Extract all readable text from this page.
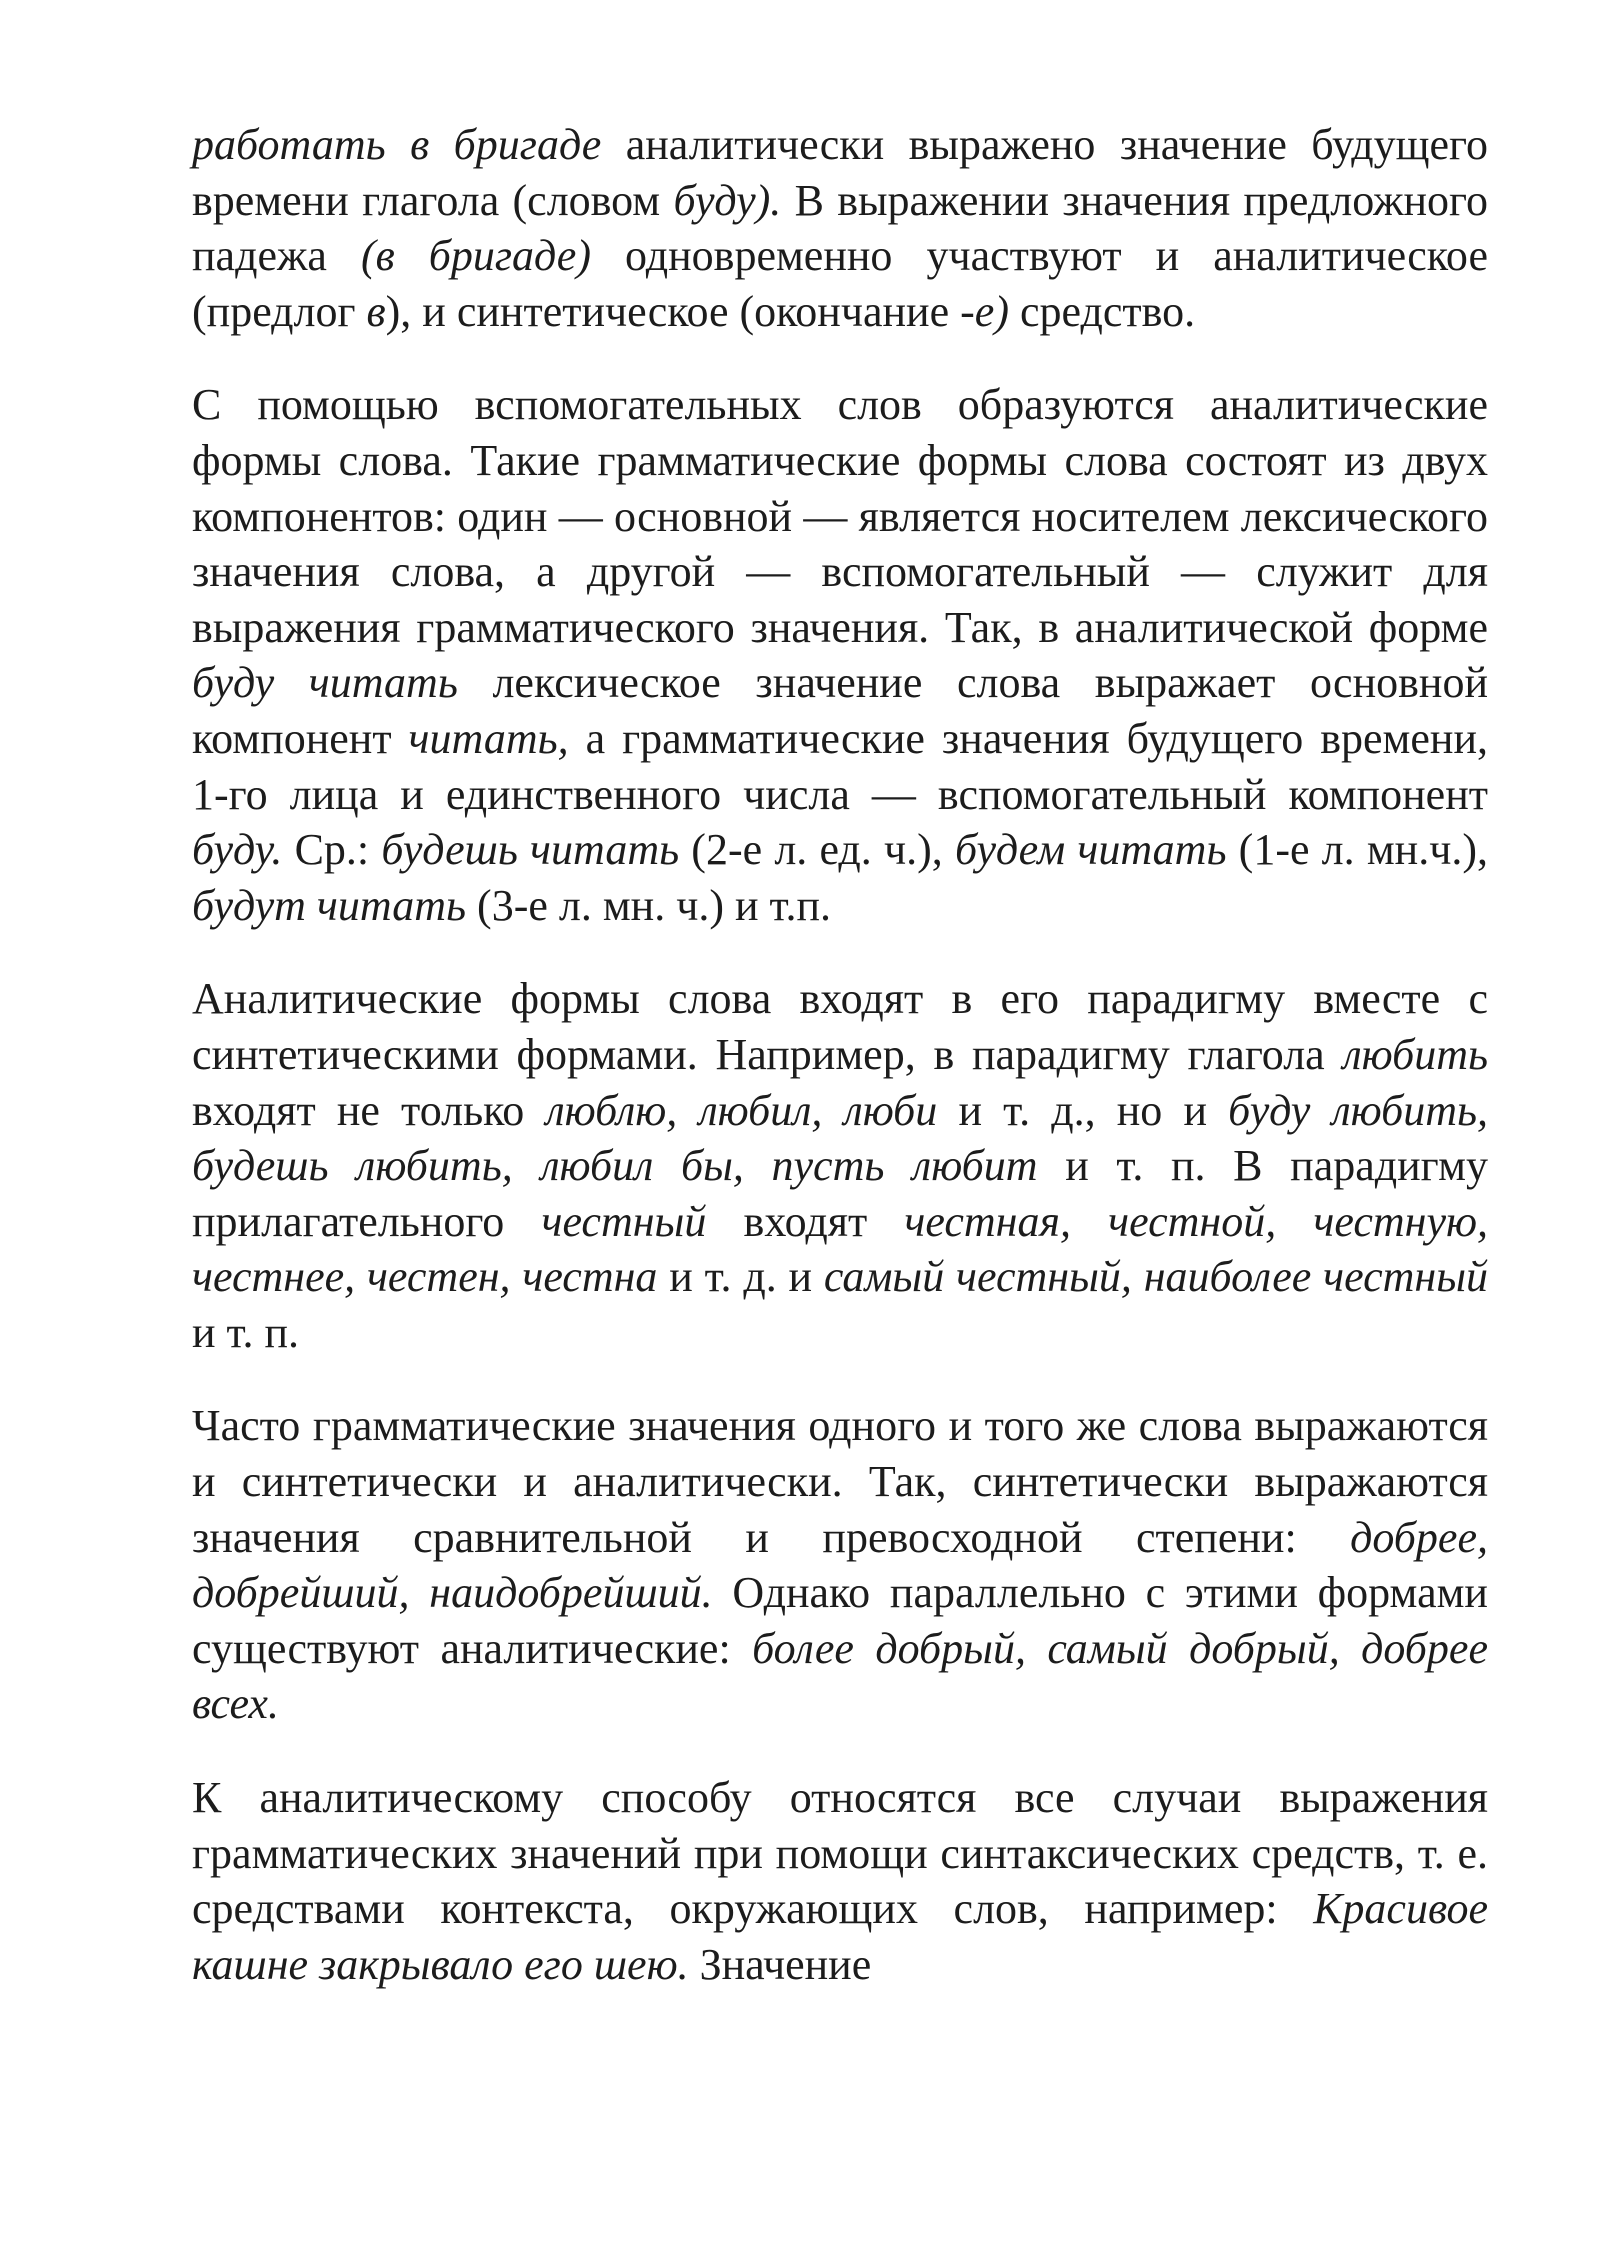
работать в бригаде аналитически выражено значение будущего времени глагола (словом буду). В выражении значения предложного падежа (в бригаде) одновременно участвуют и аналитическое (предлог в), и синтетическое (окончание -е) средство.

С помощью вспомогательных слов образуются аналитические формы слова. Такие грамматические формы слова состоят из двух компонентов: один — основной — является носителем лексического значения слова, а другой — вспомогательный — служит для выражения грамматического значения. Так, в аналитической форме буду читать лексическое значение слова выражает основной компонент читать, а грамматические значения будущего времени, 1-го лица и единственного числа — вспомогательный компонент буду. Ср.: будешь читать (2-е л. ед. ч.), будем читать (1-е л. мн.ч.), будут читать (3-е л. мн. ч.) и т.п.

Аналитические формы слова входят в его парадигму вместе с синтетическими формами. Например, в парадигму глагола любить входят не только люблю, любил, люби и т. д., но и буду любить, будешь любить, любил бы, пусть любит и т. п. В парадигму прилагательного честный входят честная, честной, честную, честнее, честен, честна и т. д. и самый честный, наиболее честный и т. п.

Часто грамматические значения одного и того же слова выражаются и синтетически и аналитически. Так, синтетически выражаются значения сравнительной и превосходной степени: добрее, добрейший, наидобрейший. Однако параллельно с этими формами существуют аналитические: более добрый, самый добрый, добрее всех.

К аналитическому способу относятся все случаи выражения грамматических значений при помощи синтаксических средств, т. е. средствами контекста, окружающих слов, например: Красивое кашне закрывало его шею. Значение
